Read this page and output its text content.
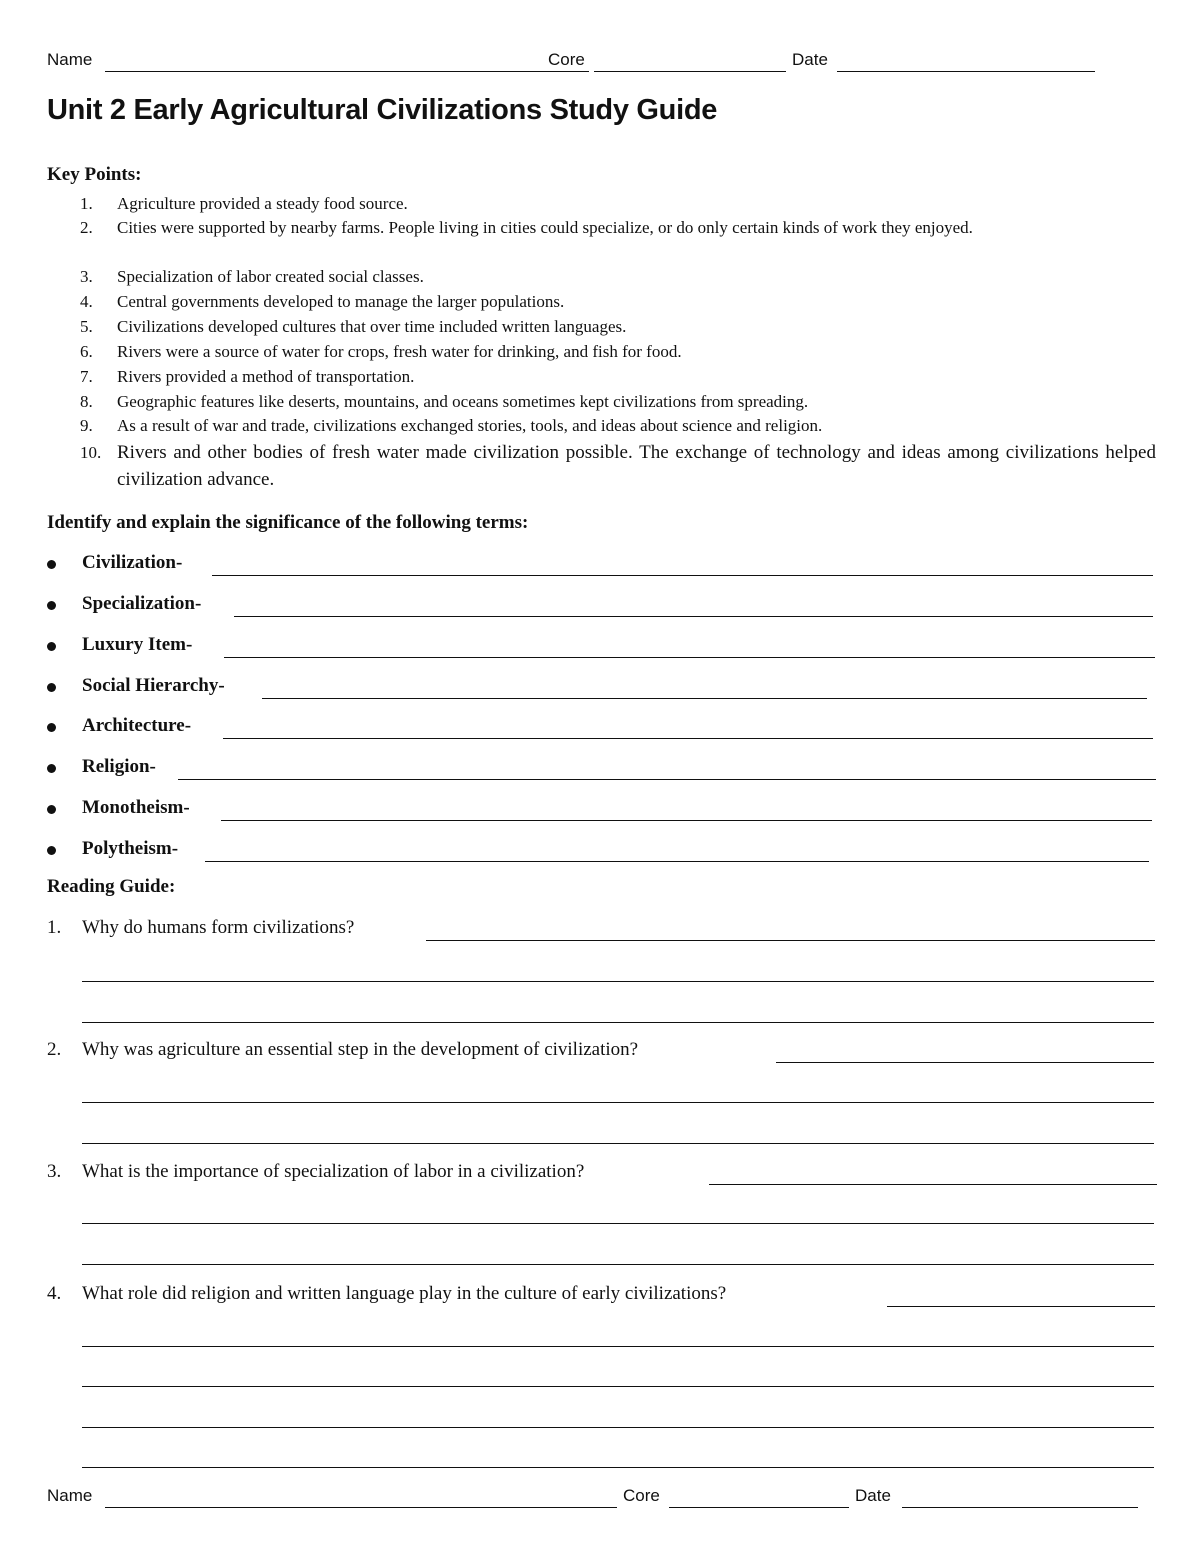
Name	Core	Date
Unit 2 Early Agricultural Civilizations Study Guide
Key Points:
1.	Agriculture provided a steady food source.
2.	Cities were supported by nearby farms. People living in cities could specialize, or do only certain kinds of work they enjoyed.
3.	Specialization of labor created social classes.
4.	Central governments developed to manage the larger populations.
5.	Civilizations developed cultures that over time included written languages.
6.	Rivers were a source of water for crops, fresh water for drinking, and fish for food.
7.	Rivers provided a method of transportation.
8.	Geographic features like deserts, mountains, and oceans sometimes kept civilizations from spreading.
9.	As a result of war and trade, civilizations exchanged stories, tools, and ideas about science and religion.
10. Rivers and other bodies of fresh water made civilization possible. The exchange of technology and ideas among civilizations helped civilization advance.
Identify and explain the significance of the following terms:
Civilization-
Specialization-
Luxury Item-
Social Hierarchy-
Architecture-
Religion-
Monotheism-
Polytheism-
Reading Guide:
1. Why do humans form civilizations?
2. Why was agriculture an essential step in the development of civilization?
3. What is the importance of specialization of labor in a civilization?
4. What role did religion and written language play in the culture of early civilizations?
Name	Core	Date
